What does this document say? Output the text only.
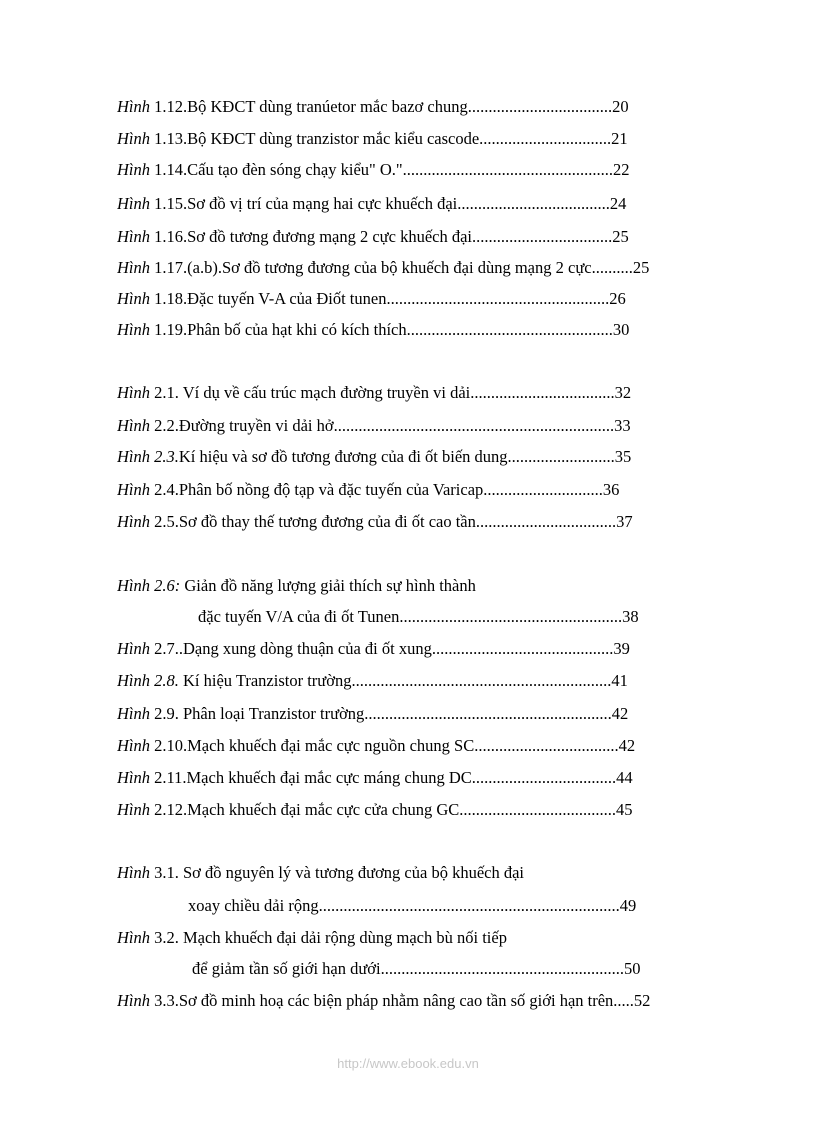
Hình 1.12.Bộ KĐCT dùng tranúetor mắc bazơ chung...................................20
Hình 1.13.Bộ KĐCT dùng tranzistor mắc kiểu cascode................................21
Hình 1.14.Cấu tạo đèn sóng chạy kiểu" O."...................................................22
Hình 1.15.Sơ đồ vị trí của mạng hai cực khuếch đại.....................................24
Hình 1.16.Sơ đồ tương đương mạng 2 cực khuếch đại..................................25
Hình 1.17.(a.b).Sơ đồ tương đương của bộ khuếch đại dùng mạng 2 cực..........25
Hình 1.18.Đặc tuyến V-A của Điốt tunen......................................................26
Hình 1.19.Phân bố của hạt khi có kích thích..................................................30
Hình 2.1. Ví dụ về cấu trúc mạch đường truyền vi dải...................................32
Hình 2.2.Đường truyền vi dải hở....................................................................33
Hình 2.3.Kí hiệu và sơ đồ tương đương của đi ốt biến dung..........................35
Hình 2.4.Phân bố nồng độ tạp và đặc tuyến của Varicap.............................36
Hình 2.5.Sơ đồ thay thế tương đương của đi ốt cao tần..................................37
Hình 2.6: Giản đồ năng lượng giải thích sự hình thành
đặc tuyến V/A của đi ốt Tunen......................................................38
Hình 2.7..Dạng xung dòng thuận của đi ốt xung............................................39
Hình 2.8. Kí hiệu Tranzistor trường...............................................................41
Hình 2.9. Phân loại Tranzistor trường............................................................42
Hình 2.10.Mạch khuếch đại mắc cực nguồn chung SC...................................42
Hình 2.11.Mạch khuếch đại mắc cực máng chung DC...................................44
Hình 2.12.Mạch khuếch đại mắc cực cửa chung GC......................................45
Hình 3.1. Sơ đồ nguyên lý và tương đương của bộ khuếch đại
xoay chiều dải rộng.........................................................................49
Hình 3.2. Mạch khuếch đại dải rộng dùng mạch bù nối tiếp
để giảm tần số giới hạn dưới...........................................................50
Hình 3.3.Sơ đồ minh hoạ các biện pháp nhằm nâng cao tần số giới hạn trên.....52
http://www.ebook.edu.vn
